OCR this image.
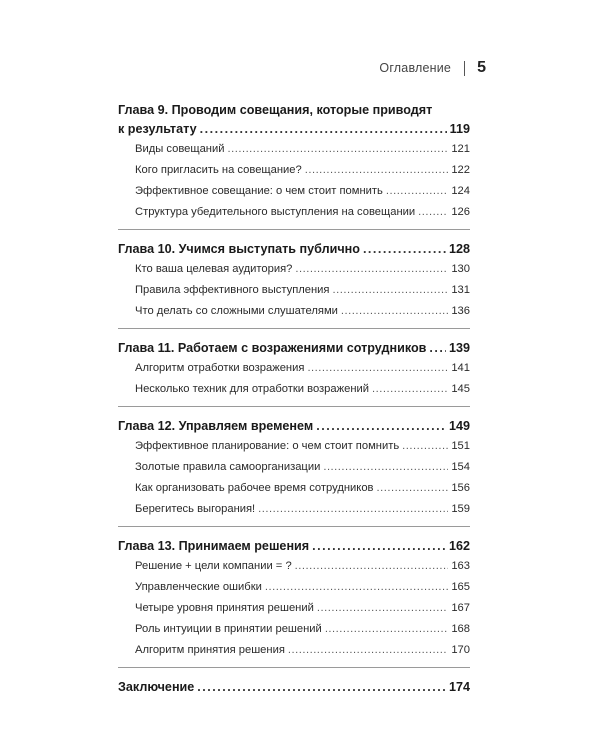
Оглавление 5
Глава 9. Проводим совещания, которые приводят
к результату . . .	119
Виды совещаний . . .	121
Кого пригласить на совещание? . . .	122
Эффективное совещание: о чем стоит помнить . . .	124
Структура убедительного выступления на совещании . . .	126
Глава 10. Учимся выступать публично . . .	128
Кто ваша целевая аудитория? . . .	130
Правила эффективного выступления . . .	131
Что делать со сложными слушателями . . .	136
Глава 11. Работаем с возражениями сотрудников . . . 139
Алгоритм отработки возражения . . .	141
Несколько техник для отработки возражений . . .	145
Глава 12. Управляем временем . . .	149
Эффективное планирование: о чем стоит помнить . . .	151
Золотые правила самоорганизации . . .	154
Как организовать рабочее время сотрудников . . .	156
Берегитесь выгорания! . . .	159
Глава 13. Принимаем решения . . .	162
Решение + цели компании = ? . . .	163
Управленческие ошибки . . .	165
Четыре уровня принятия решений . . .	167
Роль интуиции в принятии решений . . .	168
Алгоритм принятия решения . . .	170
Заключение . . .	174
